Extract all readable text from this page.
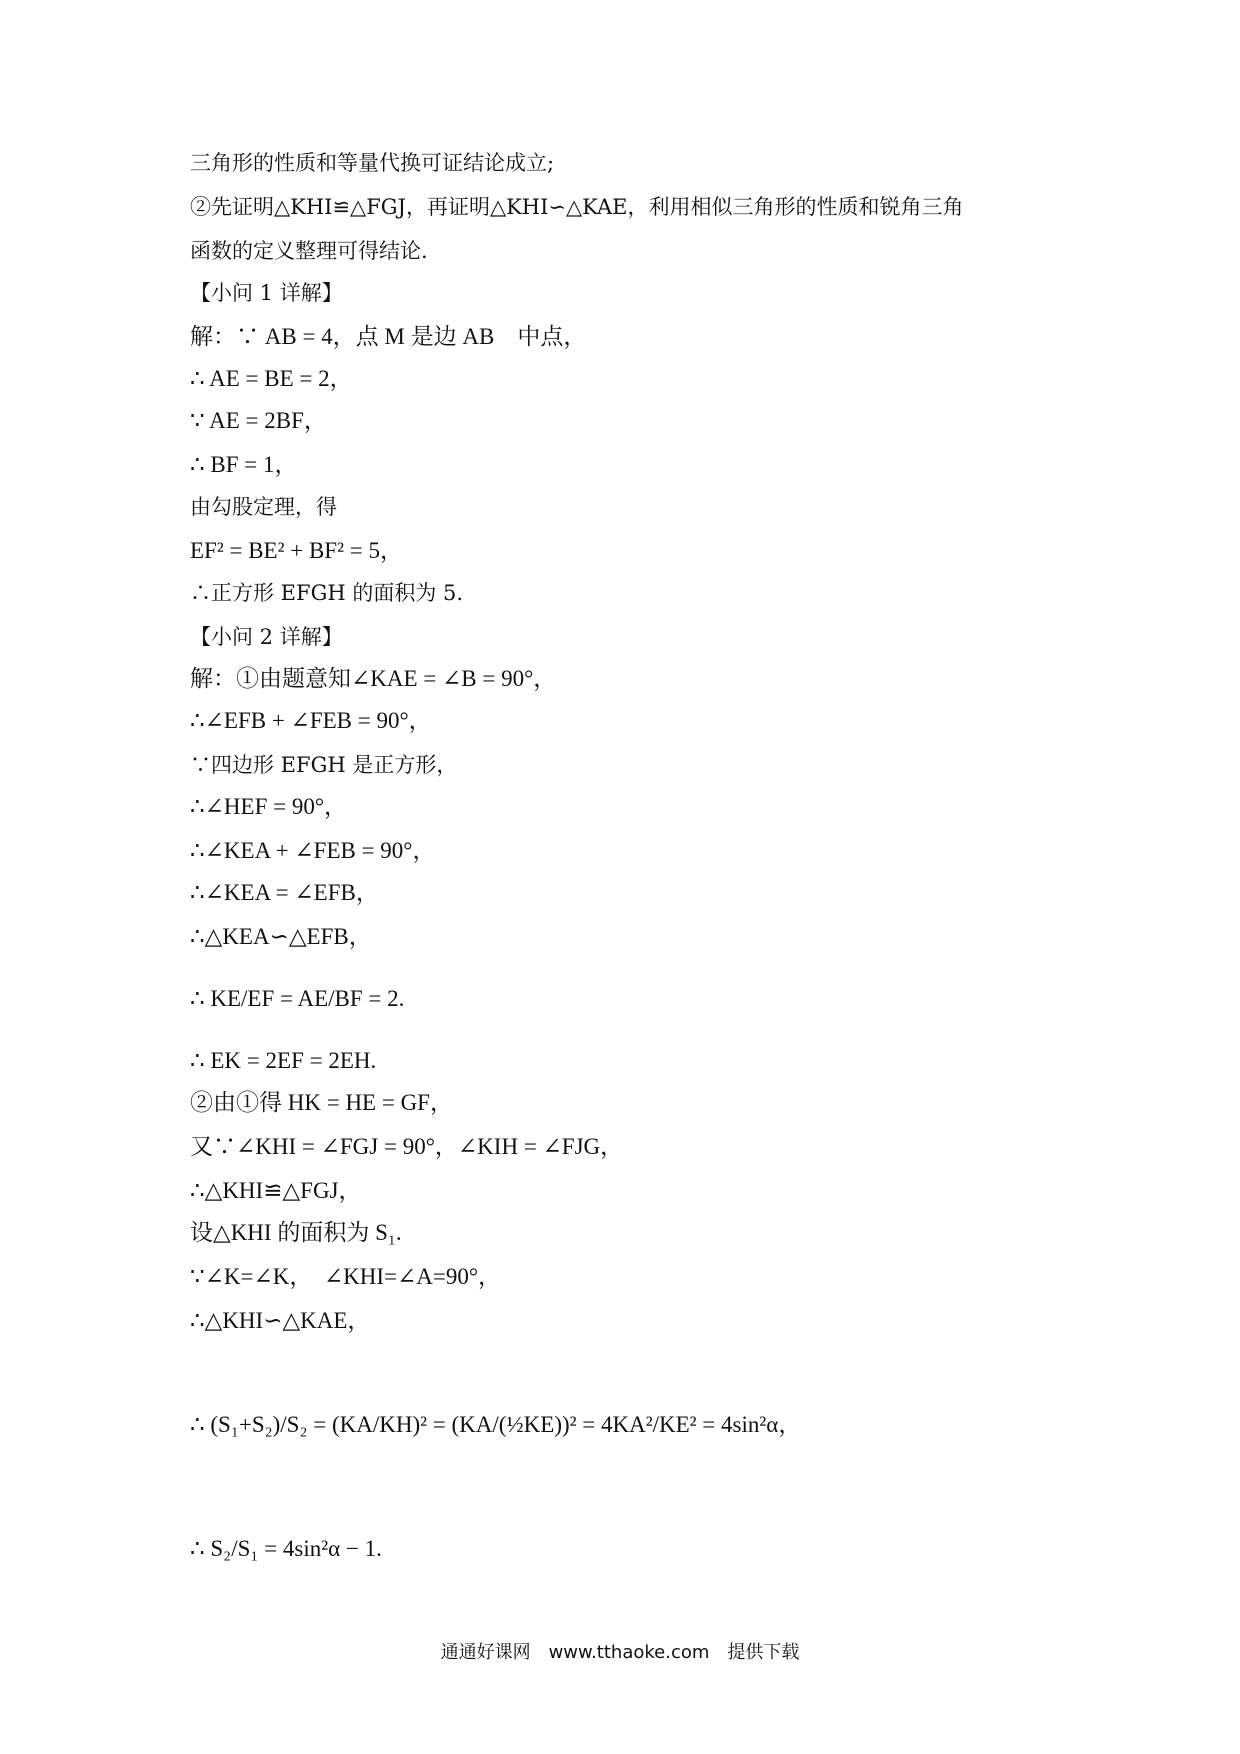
三角形的性质和等量代换可证结论成立;
②先证明△KHI≌△FGJ，再证明△KHI∽△KAE，利用相似三角形的性质和锐角三角
函数的定义整理可得结论.
【小问 1 详解】
解：∵ AB = 4，点 M 是边 AB　中点，
∴ AE = BE = 2，
∵ AE = 2BF，
∴ BF = 1，
由勾股定理，得
EF² = BE² + BF² = 5，
∴正方形 EFGH 的面积为 5.
【小问 2 详解】
解：①由题意知∠KAE = ∠B = 90°，
∴∠EFB + ∠FEB = 90°，
∵四边形 EFGH 是正方形，
∴∠HEF = 90°，
∴∠KEA + ∠FEB = 90°，
∴∠KEA = ∠EFB，
∴△KEA∽△EFB，
∴ KE/EF = AE/BF = 2.
∴ EK = 2EF = 2EH.
②由①得 HK = HE = GF，
又∵∠KHI = ∠FGJ = 90°，∠KIH = ∠FJG，
∴△KHI≌△FGJ，
设△KHI 的面积为 S₁.
∵∠K=∠K，　∠KHI=∠A=90°，
∴△KHI∽△KAE，
∴ (S₁+S₂)/S₂ = (KA/KH)² = (KA/(½KE))² = 4KA²/KE² = 4sin²α，
∴ S₂/S₁ = 4sin²α − 1.
通通好课网　www.tthaoke.com　提供下载
